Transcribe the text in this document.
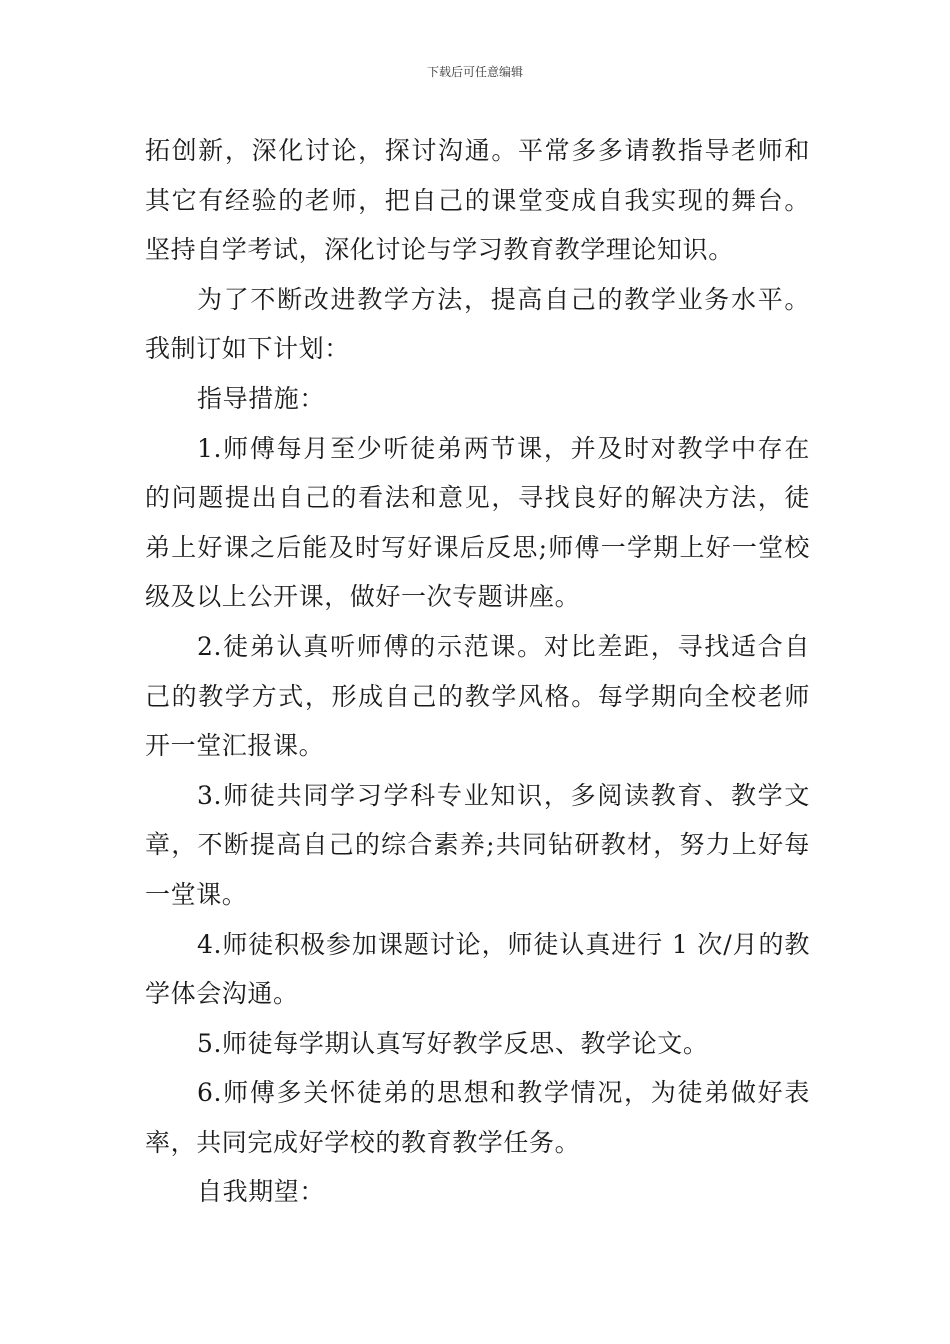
下载后可任意编辑

拓创新，深化讨论，探讨沟通。平常多多请教指导老师和其它有经验的老师，把自己的课堂变成自我实现的舞台。坚持自学考试，深化讨论与学习教育教学理论知识。

为了不断改进教学方法，提高自己的教学业务水平。我制订如下计划：

指导措施：

1.师傅每月至少听徒弟两节课，并及时对教学中存在的问题提出自己的看法和意见，寻找良好的解决方法，徒弟上好课之后能及时写好课后反思;师傅一学期上好一堂校级及以上公开课，做好一次专题讲座。

2.徒弟认真听师傅的示范课。对比差距，寻找适合自己的教学方式，形成自己的教学风格。每学期向全校老师开一堂汇报课。

3.师徒共同学习学科专业知识，多阅读教育、教学文章，不断提高自己的综合素养;共同钻研教材，努力上好每一堂课。

4.师徒积极参加课题讨论，师徒认真进行 1 次/月的教学体会沟通。

5.师徒每学期认真写好教学反思、教学论文。

6.师傅多关怀徒弟的思想和教学情况，为徒弟做好表率，共同完成好学校的教育教学任务。

自我期望：
